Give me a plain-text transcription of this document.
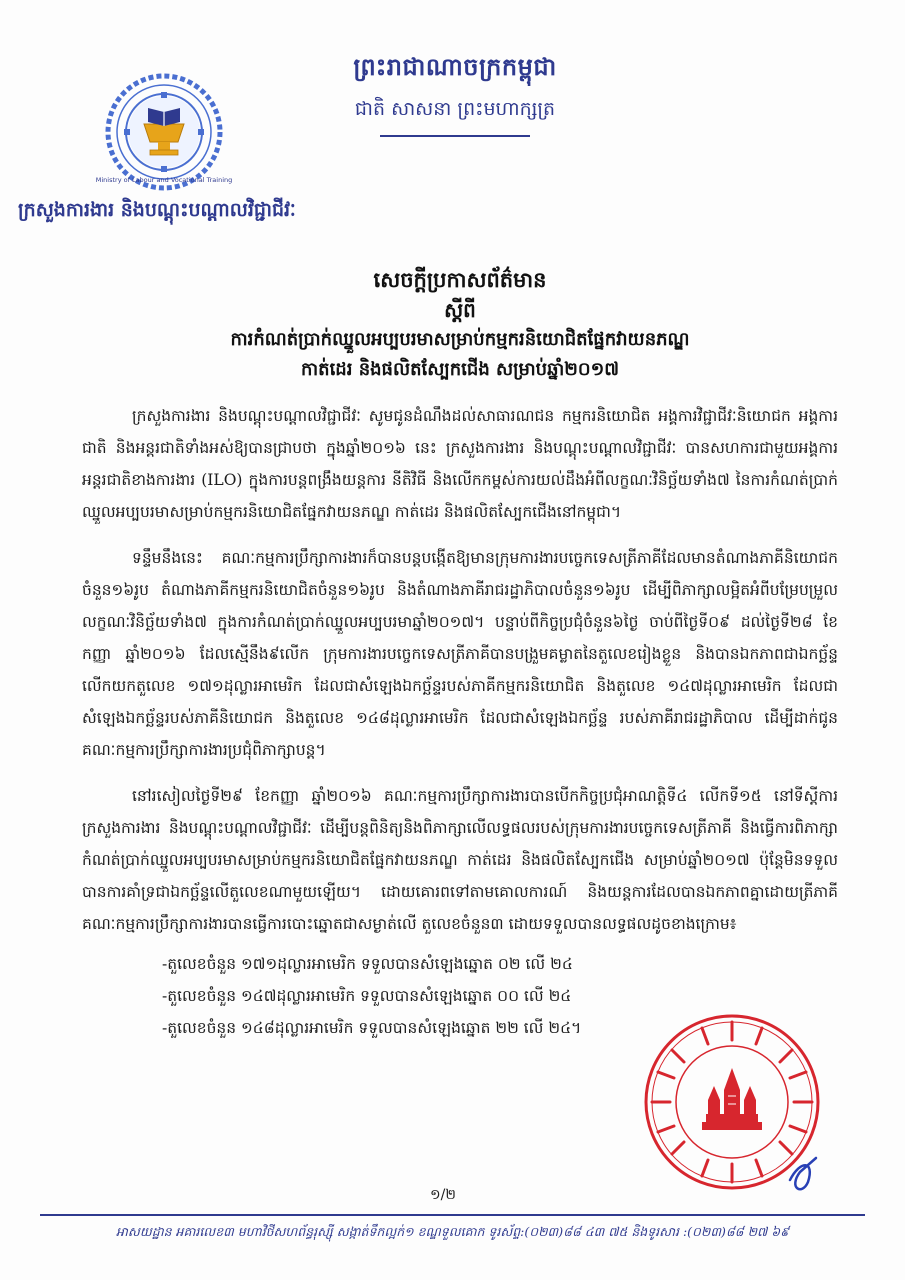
Ministry of Labour and Vocational Training
ព្រះរាជាណាចក្រកម្ពុជា
ជាតិ សាសនា ព្រះមហាក្សត្រ
ក្រសួងការងារ និងបណ្តុះបណ្តាលវិជ្ជាជីវៈ
សេចក្តីប្រកាសព័ត៌មាន
ស្តីពី
ការកំណត់ប្រាក់ឈ្នួលអប្បបរមាសម្រាប់កម្មករនិយោជិតផ្នែកវាយនភណ្ឌ
កាត់ដេរ និងផលិតស្បែកជើង សម្រាប់ឆ្នាំ២០១៧

ក្រសួងការងារ និងបណ្តុះបណ្តាលវិជ្ជាជីវៈ សូមជូនដំណឹងដល់សាធារណជន កម្មករនិយោជិត អង្គការវិជ្ជាជីវៈនិយោជក អង្គការជាតិ និងអន្តរជាតិទាំងអស់ឱ្យបានជ្រាបថា ក្នុងឆ្នាំ២០១៦ នេះ ក្រសួងការងារ និងបណ្តុះបណ្តាលវិជ្ជាជីវៈ បានសហការជាមួយអង្គការអន្តរជាតិខាងការងារ (ILO) ក្នុងការបន្តពង្រឹងយន្តការ នីតិវិធី និងលើកកម្ពស់ការយល់ដឹងអំពីលក្ខណៈវិនិច្ឆ័យទាំង៧ នៃការកំណត់ប្រាក់ឈ្នួលអប្បបរមាសម្រាប់កម្មករនិយោជិតផ្នែកវាយនភណ្ឌ កាត់ដេរ និងផលិតស្បែកជើងនៅកម្ពុជា។

ទន្ទឹមនឹងនេះ គណៈកម្មការប្រឹក្សាការងារក៏បានបន្តបង្កើតឱ្យមានក្រុមការងារបច្ចេកទេសត្រីភាគីដែលមានតំណាងភាគីនិយោជកចំនួន១៦រូប តំណាងភាគីកម្មករនិយោជិតចំនួន១៦រូប និងតំណាងភាគីរាជរដ្ឋាភិបាលចំនួន១៦រូប ដើម្បីពិភាក្សាលម្អិតអំពីបម្រែបម្រួលលក្ខណៈវិនិច្ឆ័យទាំង៧ ក្នុងការកំណត់ប្រាក់ឈ្នួលអប្បបរមាឆ្នាំ២០១៧។ បន្ទាប់ពីកិច្ចប្រជុំចំនួន៦ថ្ងៃ ចាប់ពីថ្ងៃទី០៩ ដល់ថ្ងៃទី២៨ ខែកញ្ញា ឆ្នាំ២០១៦ ដែលស្មើនឹង៩លើក ក្រុមការងារបច្ចេកទេសត្រីភាគីបានបង្រួមគម្លាតនៃតួលេខរៀងខ្លួន និងបានឯកភាពជាឯកច្ឆ័ន្ទ លើកយកតួលេខ ១៧១ដុល្លារអាមេរិក ដែលជាសំឡេងឯកច្ឆ័ន្ទរបស់ភាគីកម្មករនិយោជិត និងតួលេខ ១៤៧ដុល្លារអាមេរិក ដែលជាសំឡេងឯកច្ឆ័ន្ទរបស់ភាគីនិយោជក និងតួលេខ ១៤៨ដុល្លារអាមេរិក ដែលជាសំឡេងឯកច្ឆ័ន្ទ របស់ភាគីរាជរដ្ឋាភិបាល ដើម្បីដាក់ជូនគណៈកម្មការប្រឹក្សាការងារប្រជុំពិភាក្សាបន្ត។

នៅរសៀលថ្ងៃទី២៩ ខែកញ្ញា ឆ្នាំ២០១៦ គណៈកម្មការប្រឹក្សាការងារបានបើកកិច្ចប្រជុំអាណត្តិទី៤ លើកទី១៥ នៅទីស្តីការក្រសួងការងារ និងបណ្តុះបណ្តាលវិជ្ជាជីវៈ ដើម្បីបន្តពិនិត្យនិងពិភាក្សាលើលទ្ធផលរបស់ក្រុមការងារបច្ចេកទេសត្រីភាគី និងធ្វើការពិភាក្សាកំណត់ប្រាក់ឈ្នួលអប្បបរមាសម្រាប់កម្មករនិយោជិតផ្នែកវាយនភណ្ឌ កាត់ដេរ និងផលិតស្បែកជើង សម្រាប់ឆ្នាំ២០១៧ ប៉ុន្តែមិនទទួលបានការគាំទ្រជាឯកច្ឆ័ន្ទលើតួលេខណាមួយឡើយ។ ដោយគោរពទៅតាមគោលការណ៍ និងយន្តការដែលបានឯកភាពគ្នាដោយត្រីភាគី គណៈកម្មការប្រឹក្សាការងារបានធ្វើការបោះឆ្នោតជាសម្ងាត់លើ តួលេខចំនួន៣ ដោយទទួលបានលទ្ធផលដូចខាងក្រោម៖

-តួលេខចំនួន ១៧១ដុល្លារអាមេរិក ទទួលបានសំឡេងឆ្នោត ០២ លើ ២៤
-តួលេខចំនួន ១៤៧ដុល្លារអាមេរិក ទទួលបានសំឡេងឆ្នោត ០០ លើ ២៤
-តួលេខចំនួន ១៤៨ដុល្លារអាមេរិក ទទួលបានសំឡេងឆ្នោត ២២ លើ ២៤។
១/២
អាសយដ្ឋាន អគារលេខ៣ មហាវិថីសហព័ន្ធរុស្ស៊ី សង្កាត់ទឹកល្អក់១ ខណ្ឌទួលគោក ទូរស័ព្ទ:(០២៣)៨៨ ៤៣ ៧៥ និងទូរសារ :(០២៣)៨៨ ២៧ ៦៩
